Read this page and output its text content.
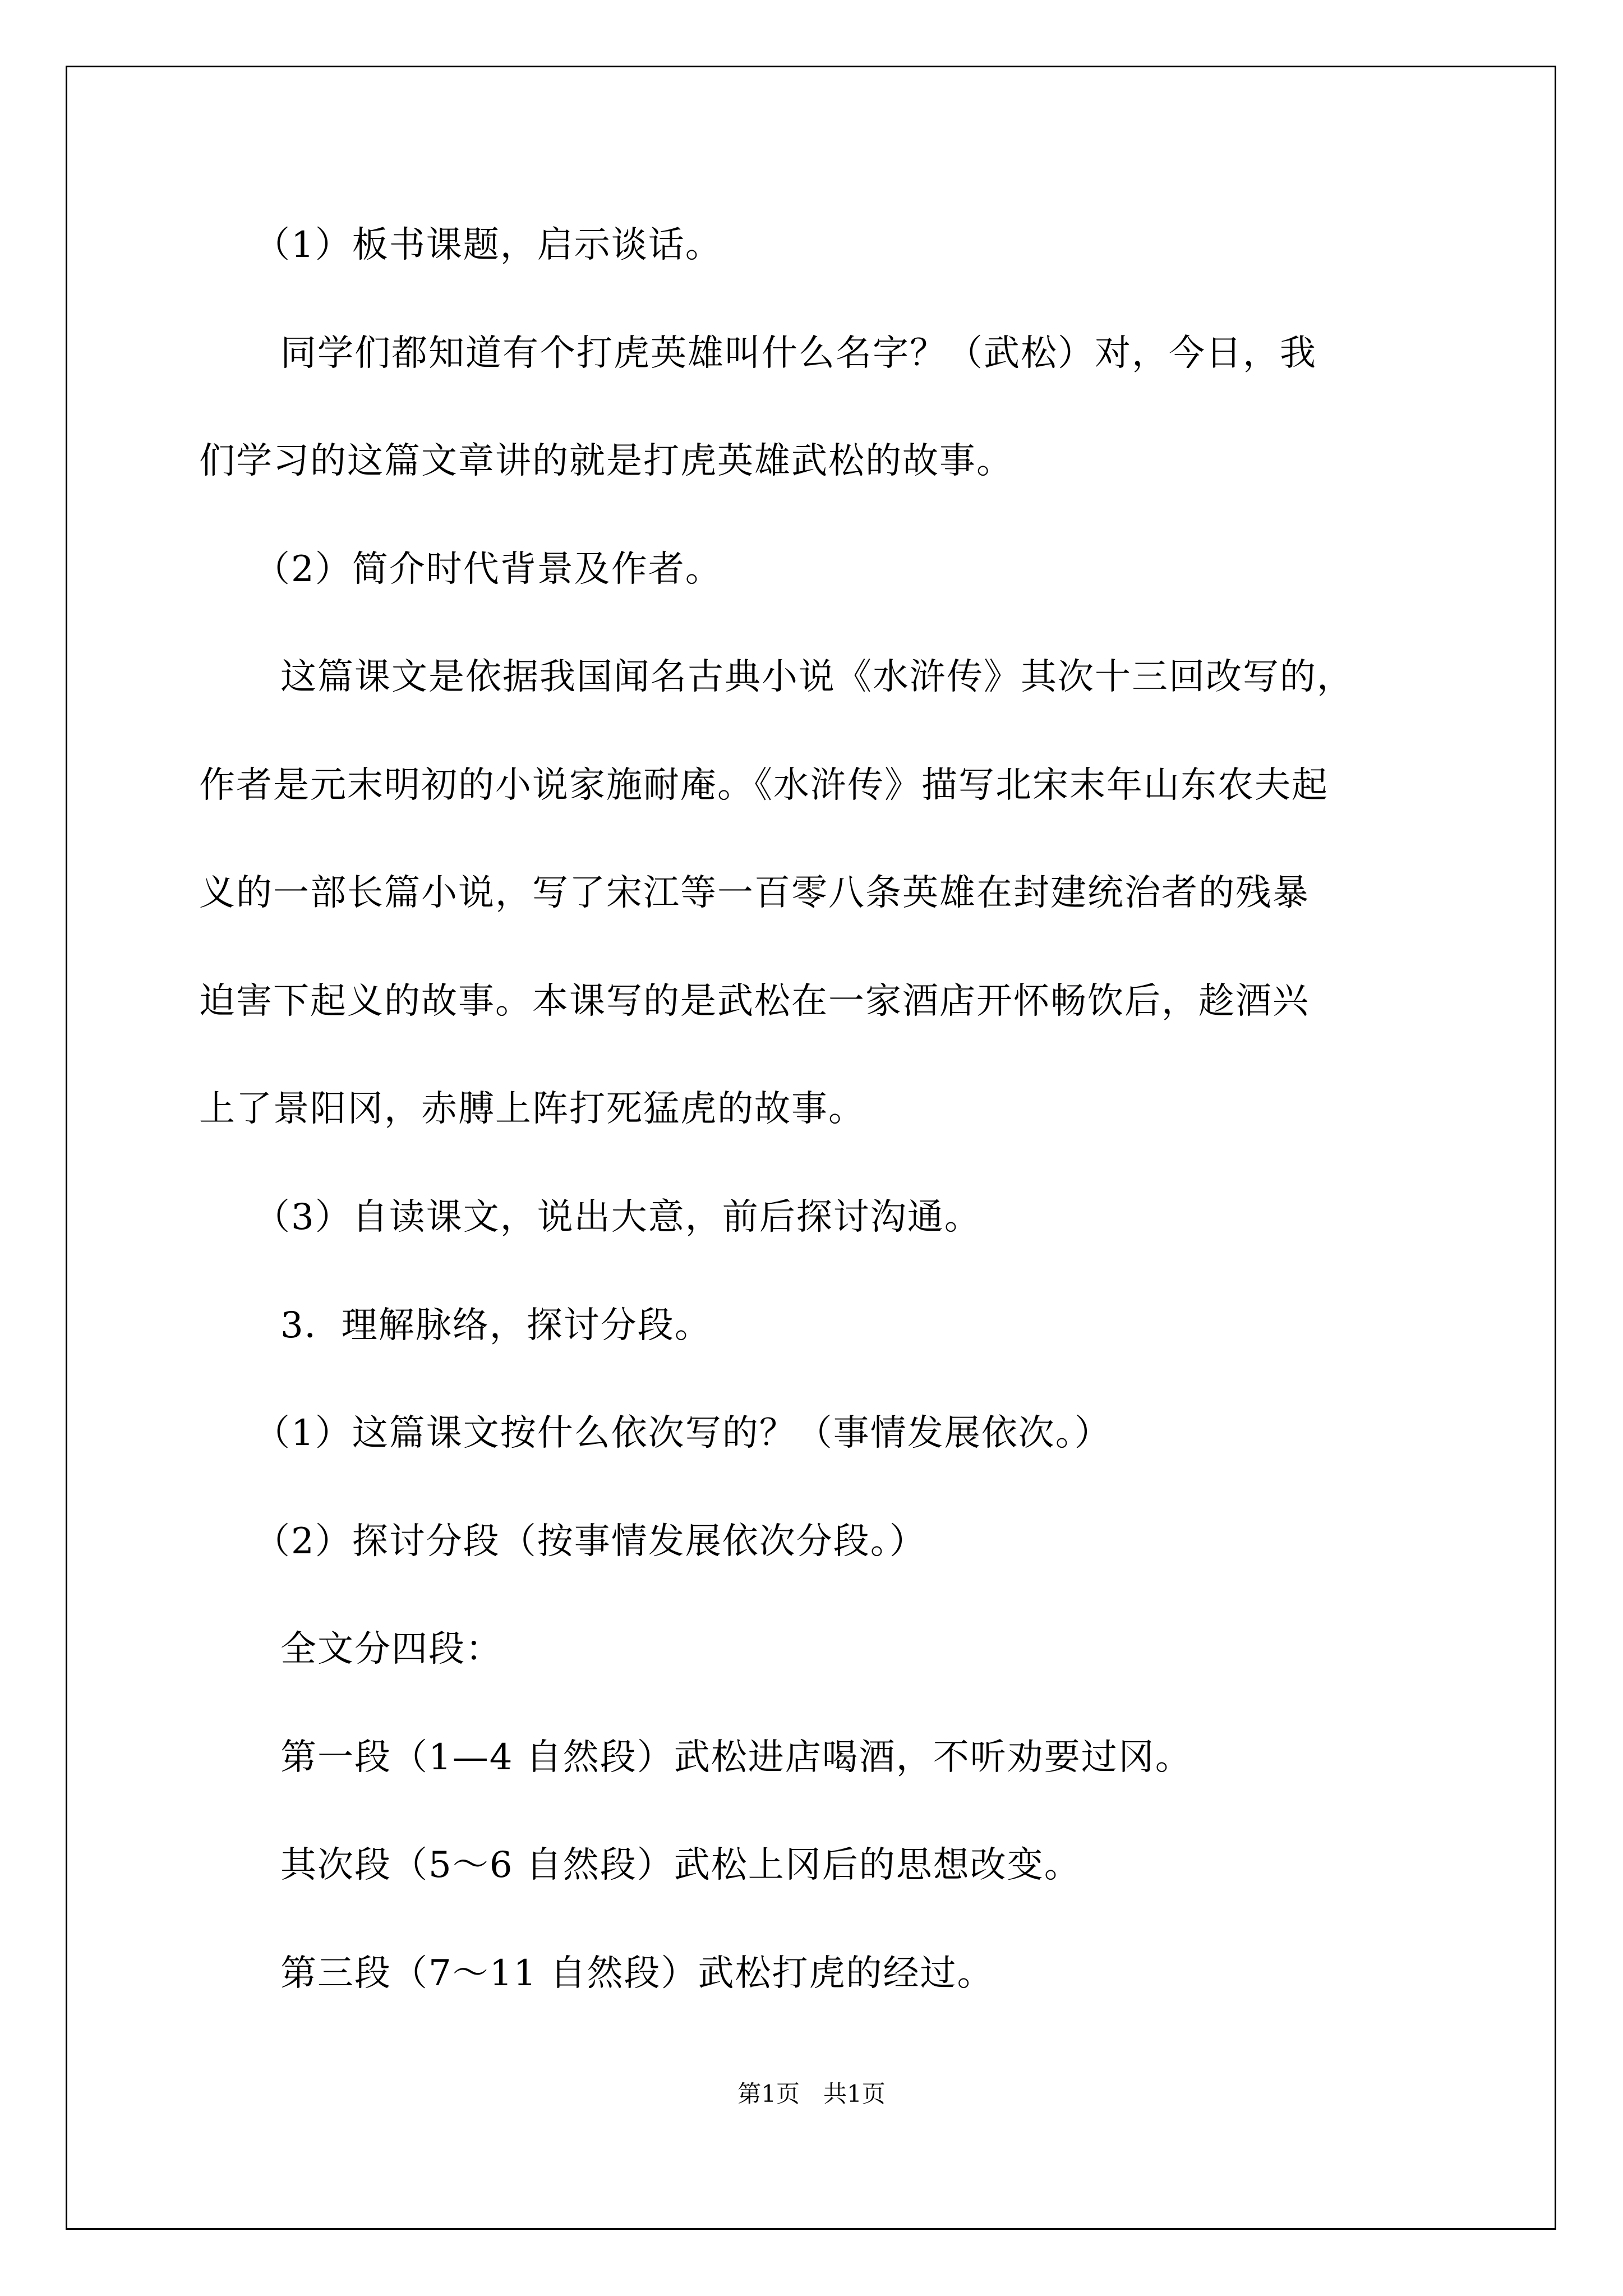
（1）板书课题，启示谈话。
同学们都知道有个打虎英雄叫什么名字？（武松）对，今日，我
们学习的这篇文章讲的就是打虎英雄武松的故事。
（2）简介时代背景及作者。
这篇课文是依据我国闻名古典小说《水浒传》其次十三回改写的，
作者是元末明初的小说家施耐庵。《水浒传》描写北宋末年山东农夫起
义的一部长篇小说，写了宋江等一百零八条英雄在封建统治者的残暴
迫害下起义的故事。本课写的是武松在一家酒店开怀畅饮后，趁酒兴
上了景阳冈，赤膊上阵打死猛虎的故事。
（3）自读课文，说出大意，前后探讨沟通。
3．理解脉络，探讨分段。
（1）这篇课文按什么依次写的？（事情发展依次。）
（2）探讨分段（按事情发展依次分段。）
全文分四段：
第一段（1—4 自然段）武松进店喝酒，不听劝要过冈。
其次段（5～6 自然段）武松上冈后的思想改变。
第三段（7～11 自然段）武松打虎的经过。
第1页　共1页
